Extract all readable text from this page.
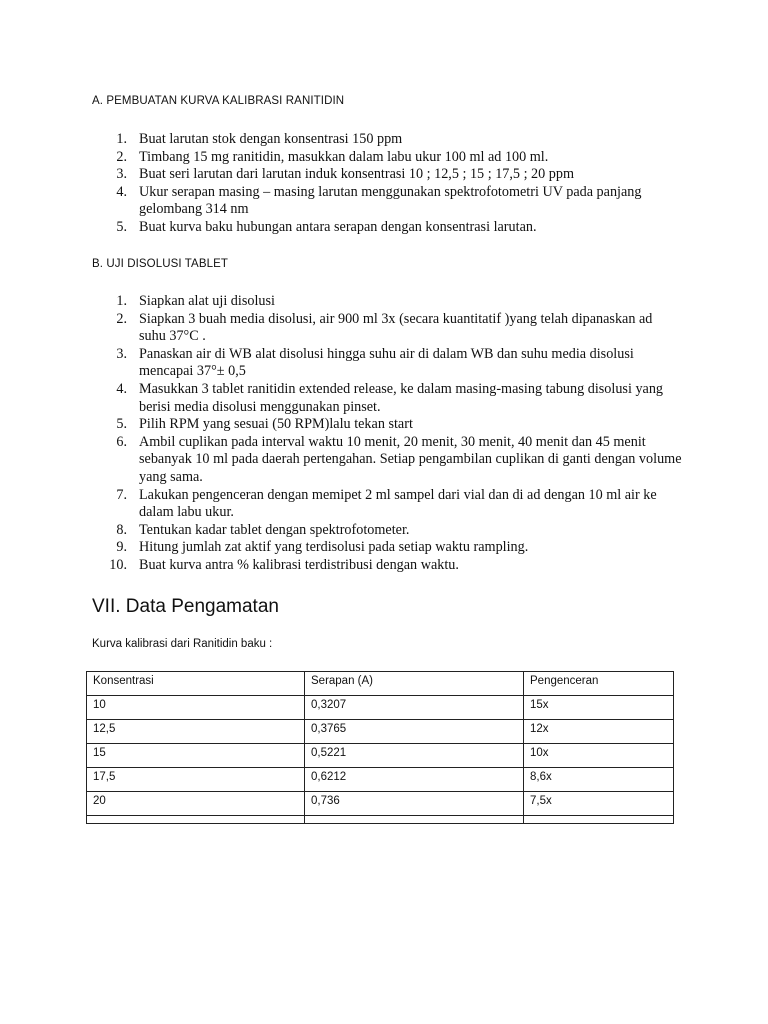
A. PEMBUATAN KURVA KALIBRASI RANITIDIN
1. Buat larutan stok dengan konsentrasi 150 ppm
2. Timbang 15 mg ranitidin, masukkan dalam labu ukur 100 ml ad 100 ml.
3. Buat seri larutan dari larutan induk konsentrasi 10 ; 12,5 ; 15 ; 17,5 ; 20 ppm
4. Ukur serapan masing – masing larutan menggunakan spektrofotometri UV pada panjang gelombang 314 nm
5. Buat kurva baku hubungan antara serapan dengan konsentrasi larutan.
B. UJI DISOLUSI TABLET
1. Siapkan alat uji disolusi
2. Siapkan 3 buah media disolusi, air 900 ml 3x (secara kuantitatif )yang telah dipanaskan ad suhu 37°C .
3. Panaskan air di WB alat disolusi hingga suhu air di dalam WB dan suhu media disolusi mencapai 37°± 0,5
4. Masukkan 3 tablet ranitidin extended release, ke dalam masing-masing tabung disolusi yang berisi media disolusi menggunakan pinset.
5. Pilih RPM yang sesuai (50 RPM)lalu tekan start
6. Ambil cuplikan pada interval waktu 10 menit, 20 menit, 30 menit, 40 menit dan 45 menit sebanyak 10 ml pada daerah pertengahan. Setiap pengambilan cuplikan di ganti dengan volume yang sama.
7. Lakukan pengenceran dengan memipet 2 ml sampel dari vial dan di ad dengan 10 ml air ke dalam labu ukur.
8. Tentukan kadar tablet dengan spektrofotometer.
9. Hitung jumlah zat aktif yang terdisolusi pada setiap waktu rampling.
10. Buat kurva antra % kalibrasi terdistribusi dengan waktu.
VII. Data Pengamatan
Kurva kalibrasi dari Ranitidin baku :
Konsentrasi	Serapan (A)	Pengenceran
10	0,3207	15x
12,5	0,3765	12x
15	0,5221	10x
17,5	0,6212	8,6x
20	0,736	7,5x
